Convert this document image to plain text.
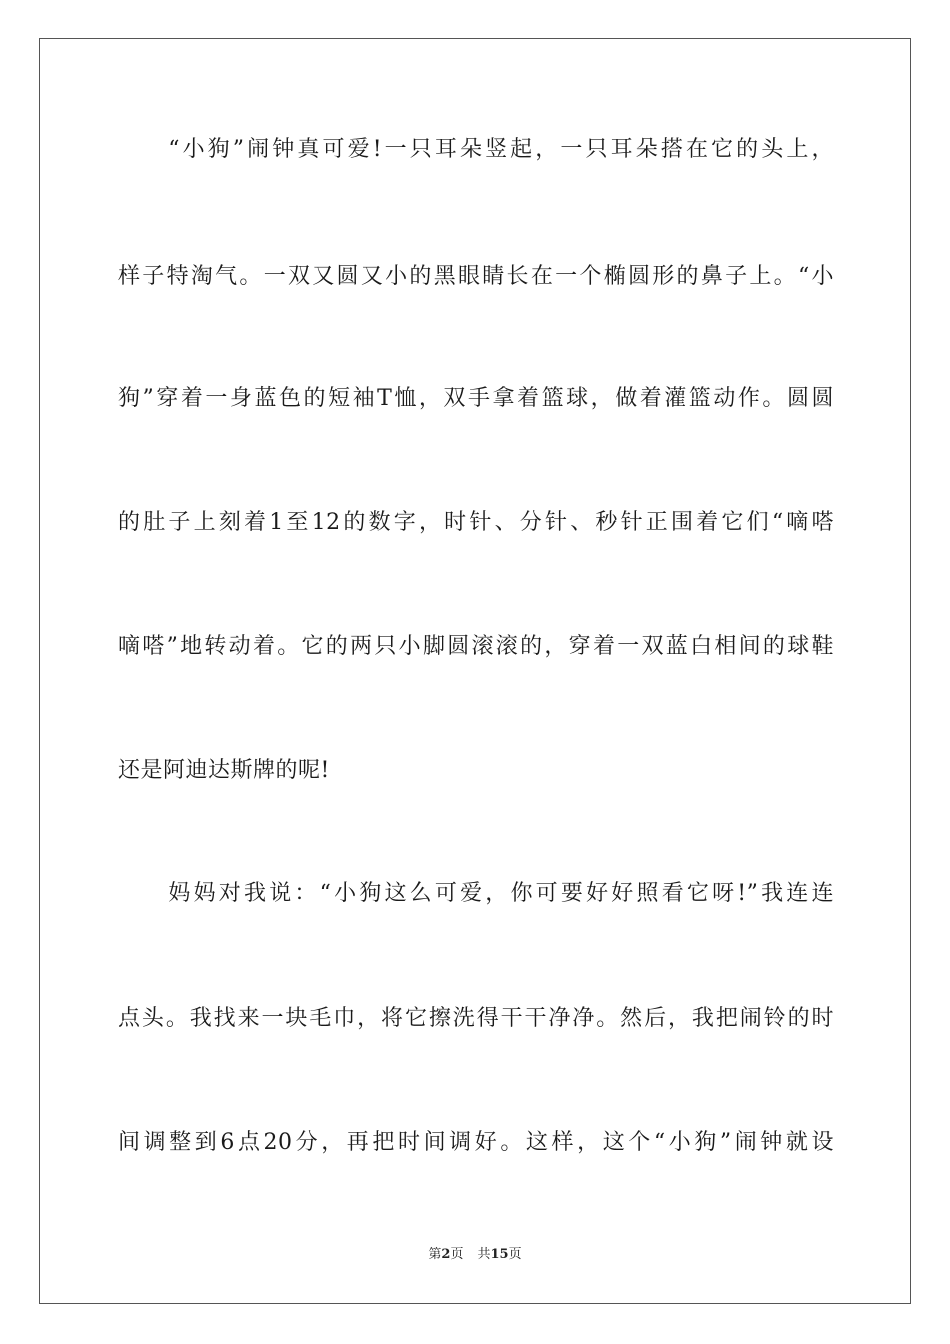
　　“小狗”闹钟真可爱!一只耳朵竖起，一只耳朵搭在它的头上，
样子特淘气。一双又圆又小的黑眼睛长在一个椭圆形的鼻子上。“小
狗”穿着一身蓝色的短袖T恤，双手拿着篮球，做着灌篮动作。圆圆
的肚子上刻着1至12的数字，时针、分针、秒针正围着它们“嘀嗒
嘀嗒”地转动着。它的两只小脚圆滚滚的，穿着一双蓝白相间的球鞋
还是阿迪达斯牌的呢!
　　妈妈对我说：“小狗这么可爱，你可要好好照看它呀!”我连连
点头。我找来一块毛巾，将它擦洗得干干净净。然后，我把闹铃的时
间调整到6点20分，再把时间调好。这样，这个“小狗”闹钟就设
第2页 共15页
